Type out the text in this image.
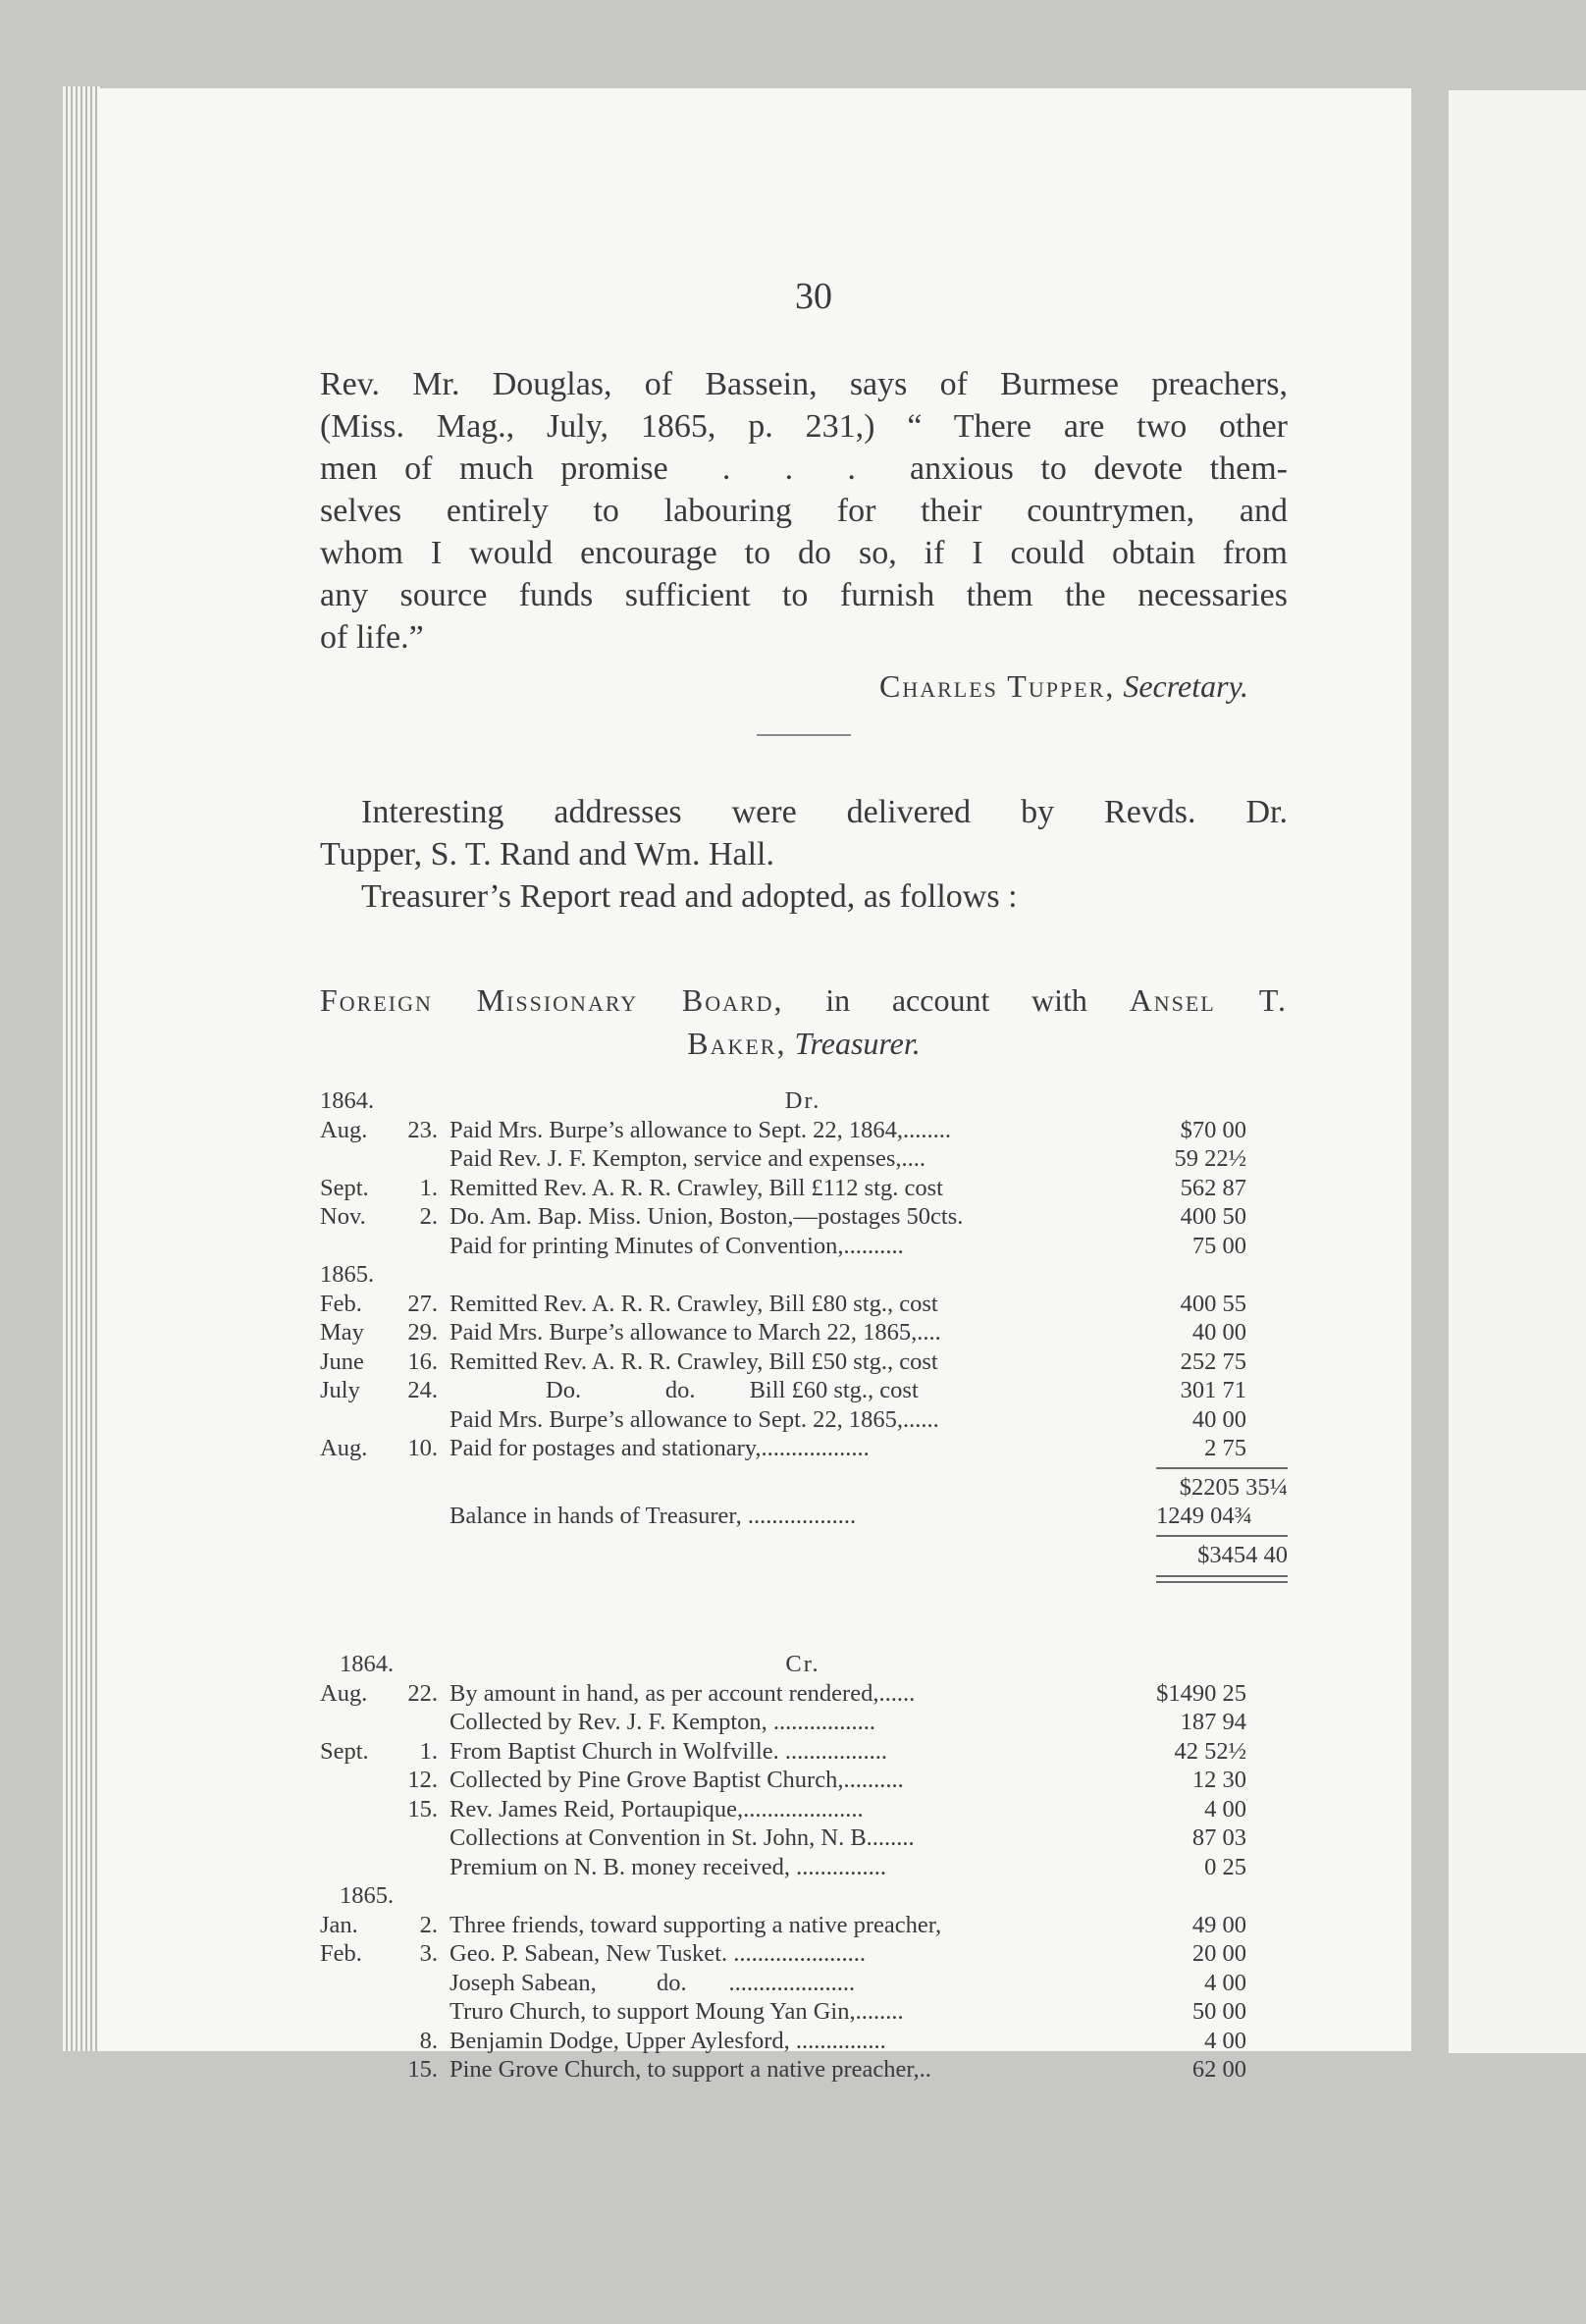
30

Rev. Mr. Douglas, of Bassein, says of Burmese preachers,

(Miss. Mag., July, 1865, p. 231,) “ There are two other

men of much promise  .  .  .  anxious to devote them-

selves entirely to labouring for their countrymen, and

whom I would encourage to do so, if I could obtain from

any source funds sufficient to furnish them the necessaries

of life.”

Charles Tupper, Secretary.

Interesting addresses were delivered by Revds. Dr.

Tupper, S. T. Rand and Wm. Hall.

Treasurer’s Report read and adopted, as follows :

Foreign Missionary Board, in account with Ansel T.
Baker, Treasurer.
1864.	Dr.
Aug.	23. Paid Mrs. Burpe’s allowance to Sept. 22, 1864,........	$70 00
Paid Rev. J. F. Kempton, service and expenses,....	59 22½
Sept.	1. Remitted Rev. A. R. R. Crawley, Bill £112 stg. cost	562 87
Nov.	2. Do. Am. Bap. Miss. Union, Boston,—postages 50cts.	400 50
Paid for printing Minutes of Convention,..........	75 00
1865.
Feb.	27. Remitted Rev. A. R. R. Crawley, Bill £80 stg., cost	400 55
May	29. Paid Mrs. Burpe’s allowance to March 22, 1865,....	40 00
June	16. Remitted Rev. A. R. R. Crawley, Bill £50 stg., cost	252 75
July	24. Do.              do.         Bill £60 stg., cost	301 71
Paid Mrs. Burpe’s allowance to Sept. 22, 1865,......	40 00
Aug.	10. Paid for postages and stationary,..................	2 75
$2205 35¼
Balance in hands of Treasurer, ..................	1249 04¾
$3454 40
1864.	Cr.
Aug.	22. By amount in hand, as per account rendered,......	$1490 25
Collected by Rev. J. F. Kempton, .................	187 94
Sept.	1. From Baptist Church in Wolfville. .................	42 52½
12. Collected by Pine Grove Baptist Church,..........	12 30
15. Rev. James Reid, Portaupique,....................	4 00
Collections at Convention in St. John, N. B........	87 03
Premium on N. B. money received, ...............	0 25
1865.
Jan.	2. Three friends, toward supporting a native preacher,	49 00
Feb.	3. Geo. P. Sabean, New Tusket. ......................	20 00
Joseph Sabean,          do.       .....................	4 00
Truro Church, to support Moung Yan Gin,........	50 00
8. Benjamin Dodge, Upper Aylesford, ...............	4 00
15. Pine Grove Church, to support a native preacher,..	62 00
